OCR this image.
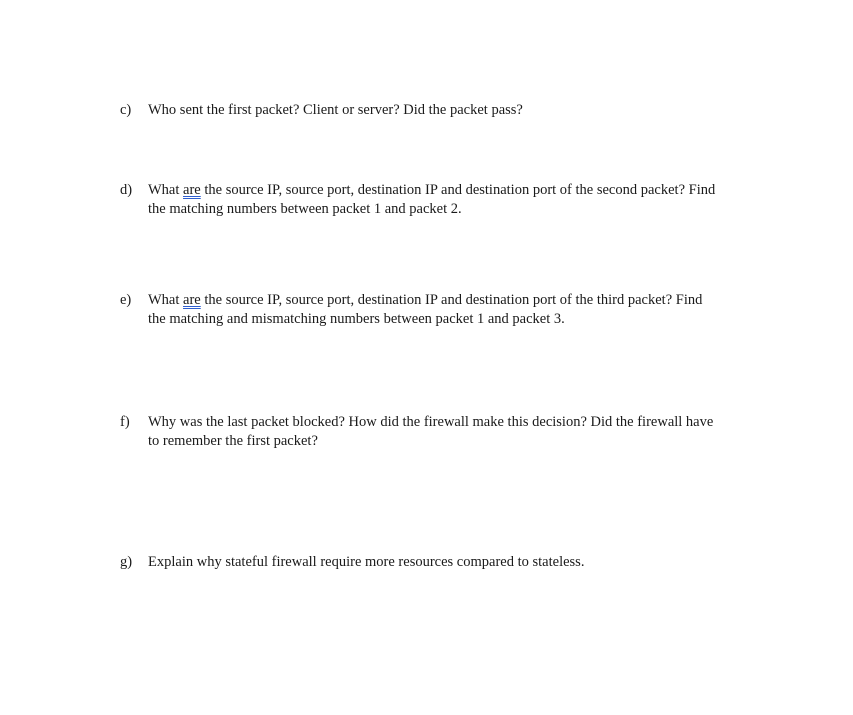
c)	Who sent the first packet? Client or server? Did the packet pass?
d)	What are the source IP, source port, destination IP and destination port of the second packet? Find
the matching numbers between packet 1 and packet 2.
e)	What are the source IP, source port, destination IP and destination port of the third packet? Find
the matching and mismatching numbers between packet 1 and packet 3.
f)	Why was the last packet blocked? How did the firewall make this decision? Did the firewall have
to remember the first packet?
g)	Explain why stateful firewall require more resources compared to stateless.
